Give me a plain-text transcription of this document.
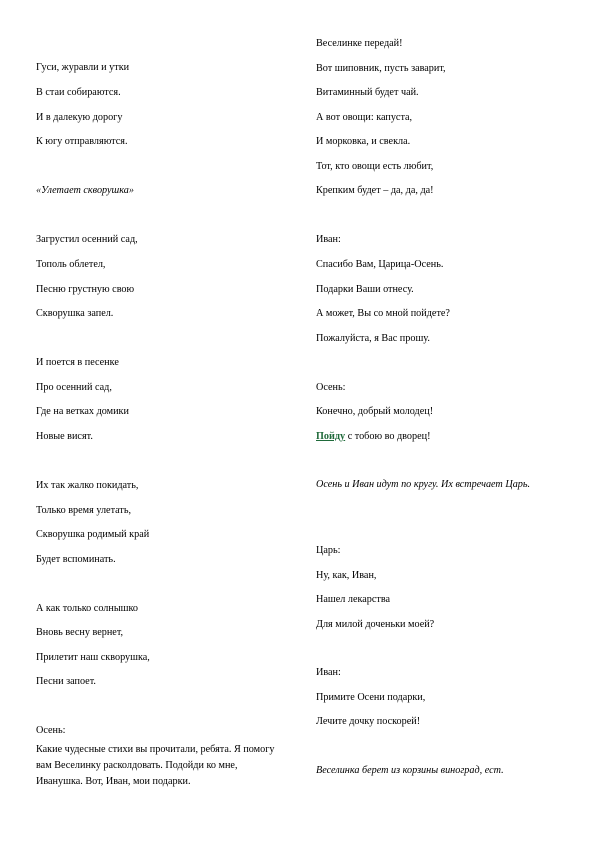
Гуси, журавли и утки
В стаи собираются.
И в далекую дорогу
К югу отправляются.
«Улетает скворушка»
Загрустил осенний сад,
Тополь облетел,
Песню грустную свою
Скворушка запел.
И поется в песенке
Про осенний сад,
Где на ветках домики
Новые висят.
Их так жалко покидать,
Только время улетать,
Скворушка родимый край
Будет вспоминать.
А как только солнышко
Вновь весну вернет,
Прилетит наш скворушка,
Песни запоет.
Осень:
Какие чудесные стихи вы прочитали, ребята. Я помогу вам Веселинку расколдовать. Подойди ко мне, Иванушка. Вот, Иван, мои подарки.
Веселинке передай!
Вот шиповник, пусть заварит,
Витаминный будет чай.
А вот овощи: капуста,
И морковка, и свекла.
Тот, кто овощи есть любит,
Крепким будет – да, да, да!
Иван:
Спасибо Вам, Царица-Осень.
Подарки Ваши отнесу.
А может, Вы со мной пойдете?
Пожалуйста, я Вас прошу.
Осень:
Конечно, добрый молодец!
Пойду с тобою во дворец!
Осень и Иван идут по кругу. Их встречает Царь.
Царь:
Ну, как, Иван,
Нашел лекарства
Для милой доченьки моей?
Иван:
Примите Осени подарки,
Лечите дочку поскорей!
Веселинка берет из корзины виноград, ест.
